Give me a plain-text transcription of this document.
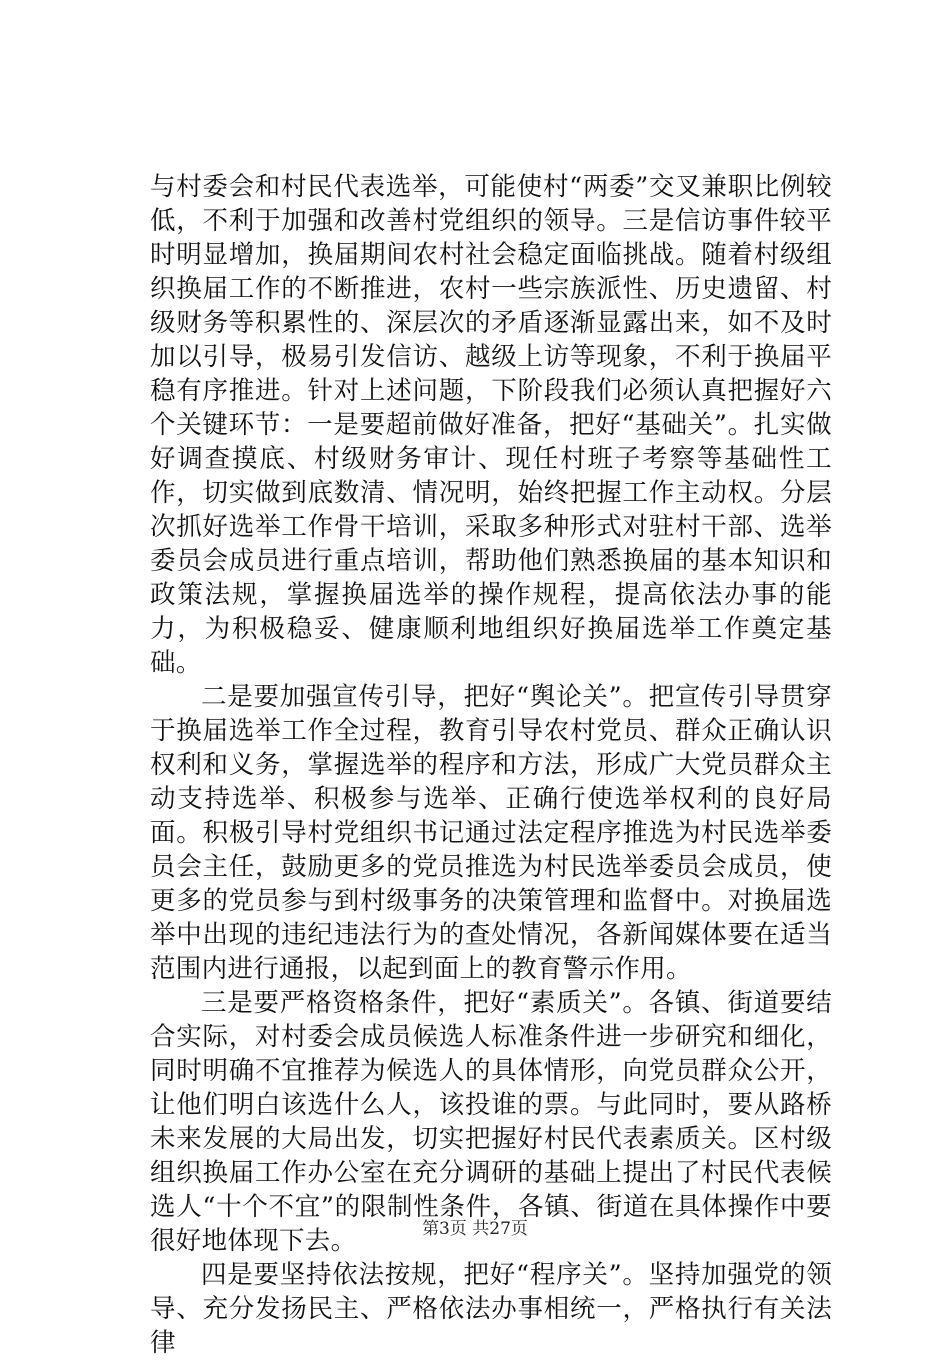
与村委会和村民代表选举，可能使村“两委”交叉兼职比例较低，不利于加强和改善村党组织的领导。三是信访事件较平时明显增加，换届期间农村社会稳定面临挑战。随着村级组织换届工作的不断推进，农村一些宗族派性、历史遗留、村级财务等积累性的、深层次的矛盾逐渐显露出来，如不及时加以引导，极易引发信访、越级上访等现象，不利于换届平稳有序推进。针对上述问题，下阶段我们必须认真把握好六个关键环节：一是要超前做好准备，把好“基础关”。扎实做好调查摸底、村级财务审计、现任村班子考察等基础性工作，切实做到底数清、情况明，始终把握工作主动权。分层次抓好选举工作骨干培训，采取多种形式对驻村干部、选举委员会成员进行重点培训，帮助他们熟悉换届的基本知识和政策法规，掌握换届选举的操作规程，提高依法办事的能力，为积极稳妥、健康顺利地组织好换届选举工作奠定基础。

二是要加强宣传引导，把好“舆论关”。把宣传引导贯穿于换届选举工作全过程，教育引导农村党员、群众正确认识权利和义务，掌握选举的程序和方法，形成广大党员群众主动支持选举、积极参与选举、正确行使选举权利的良好局面。积极引导村党组织书记通过法定程序推选为村民选举委员会主任，鼓励更多的党员推选为村民选举委员会成员，使更多的党员参与到村级事务的决策管理和监督中。对换届选举中出现的违纪违法行为的查处情况，各新闻媒体要在适当范围内进行通报，以起到面上的教育警示作用。

三是要严格资格条件，把好“素质关”。各镇、街道要结合实际，对村委会成员候选人标准条件进一步研究和细化，同时明确不宜推荐为候选人的具体情形，向党员群众公开，让他们明白该选什么人，该投谁的票。与此同时，要从路桥未来发展的大局出发，切实把握好村民代表素质关。区村级组织换届工作办公室在充分调研的基础上提出了村民代表候选人“十个不宜”的限制性条件，各镇、街道在具体操作中要很好地体现下去。

四是要坚持依法按规，把好“程序关”。坚持加强党的领导、充分发扬民主、严格依法办事相统一，严格执行有关法律

第3页 共27页
